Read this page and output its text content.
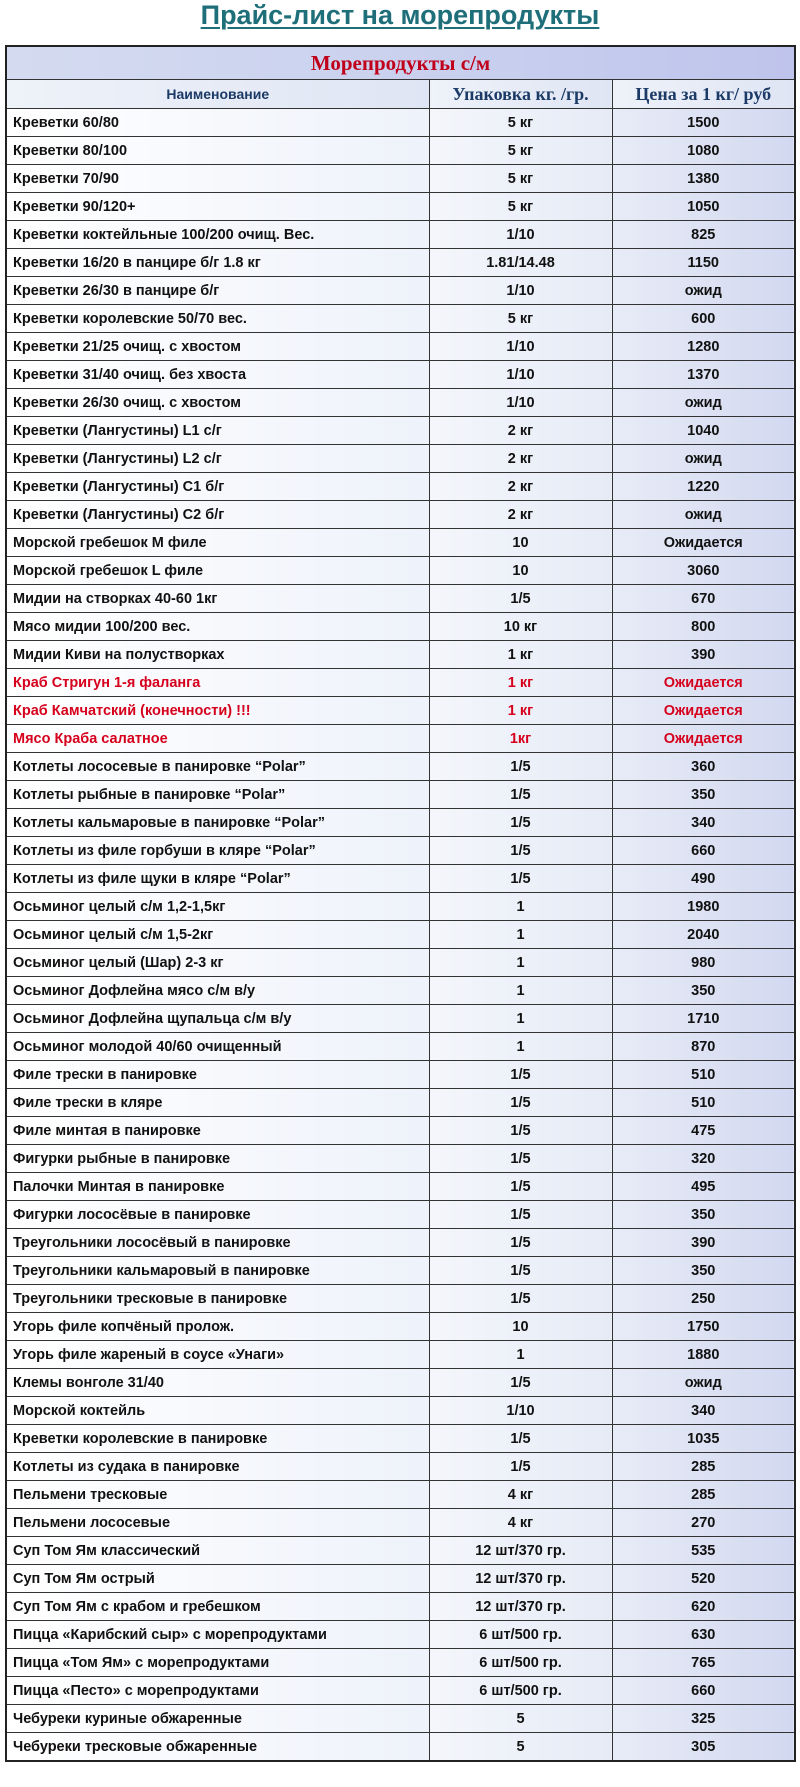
Прайс-лист на морепродукты
Морепродукты с/м		
Наименование	Упаковка кг. /гр.	Цена за 1 кг/ руб
Креветки 60/80	5 кг	1500
Креветки 80/100	5 кг	1080
Креветки 70/90	5 кг	1380
Креветки 90/120+	5 кг	1050
Креветки коктейльные 100/200 очищ. Вес.	1/10	825
Креветки 16/20 в панцире б/г 1.8 кг	1.81/14.48	1150
Креветки 26/30 в панцире б/г	1/10	ожид
Креветки королевские 50/70 вес.	5 кг	600
Креветки 21/25 очищ. с хвостом	1/10	1280
Креветки 31/40 очищ. без хвоста	1/10	1370
Креветки 26/30 очищ. с хвостом	1/10	ожид
Креветки (Лангустины) L1 с/г	2 кг	1040
Креветки (Лангустины) L2 с/г	2 кг	ожид
Креветки (Лангустины) C1 б/г	2 кг	1220
Креветки (Лангустины) C2 б/г	2 кг	ожид
Морской гребешок M филе	10	Ожидается
Морской гребешок L филе	10	3060
Мидии на створках 40-60 1кг	1/5	670
Мясо мидии 100/200 вес.	10 кг	800
Мидии Киви на полустворках	1 кг	390
Краб Стригун 1-я фаланга	1 кг	Ожидается
Краб Камчатский (конечности) !!!	1 кг	Ожидается
Мясо Краба салатное	1кг	Ожидается
Котлеты лососевые в панировке “Polar”	1/5	360
Котлеты рыбные в панировке “Polar”	1/5	350
Котлеты кальмаровые в панировке “Polar”	1/5	340
Котлеты из филе горбуши в кляре “Polar”	1/5	660
Котлеты из филе щуки в кляре “Polar”	1/5	490
Осьминог целый с/м 1,2-1,5кг	1	1980
Осьминог целый с/м 1,5-2кг	1	2040
Осьминог целый (Шар) 2-3 кг	1	980
Осьминог Дофлейна мясо с/м в/у	1	350
Осьминог Дофлейна щупальца с/м в/у	1	1710
Осьминог молодой 40/60 очищенный	1	870
Филе трески в панировке	1/5	510
Филе трески в кляре	1/5	510
Филе минтая в панировке	1/5	475
Фигурки рыбные в панировке	1/5	320
Палочки Минтая в панировке	1/5	495
Фигурки лососёвые в панировке	1/5	350
Треугольники лососёвый в панировке	1/5	390
Треугольники кальмаровый в панировке	1/5	350
Треугольники тресковые в панировке	1/5	250
Угорь филе копчёный пролож.	10	1750
Угорь филе жареный в соусе «Унаги»	1	1880
Клемы вонголе 31/40	1/5	ожид
Морской коктейль	1/10	340
Креветки королевские в панировке	1/5	1035
Котлеты из судака в панировке	1/5	285
Пельмени тресковые	4 кг	285
Пельмени лососевые	4 кг	270
Суп Том Ям классический	12 шт/370 гр.	535
Суп Том Ям острый	12 шт/370 гр.	520
Суп Том Ям с крабом и гребешком	12 шт/370 гр.	620
Пицца «Карибский сыр» с морепродуктами	6 шт/500 гр.	630
Пицца «Том Ям» с морепродуктами	6 шт/500 гр.	765
Пицца «Песто» с морепродуктами	6 шт/500 гр.	660
Чебуреки куриные обжаренные	5	325
Чебуреки тресковые обжаренные	5	305
